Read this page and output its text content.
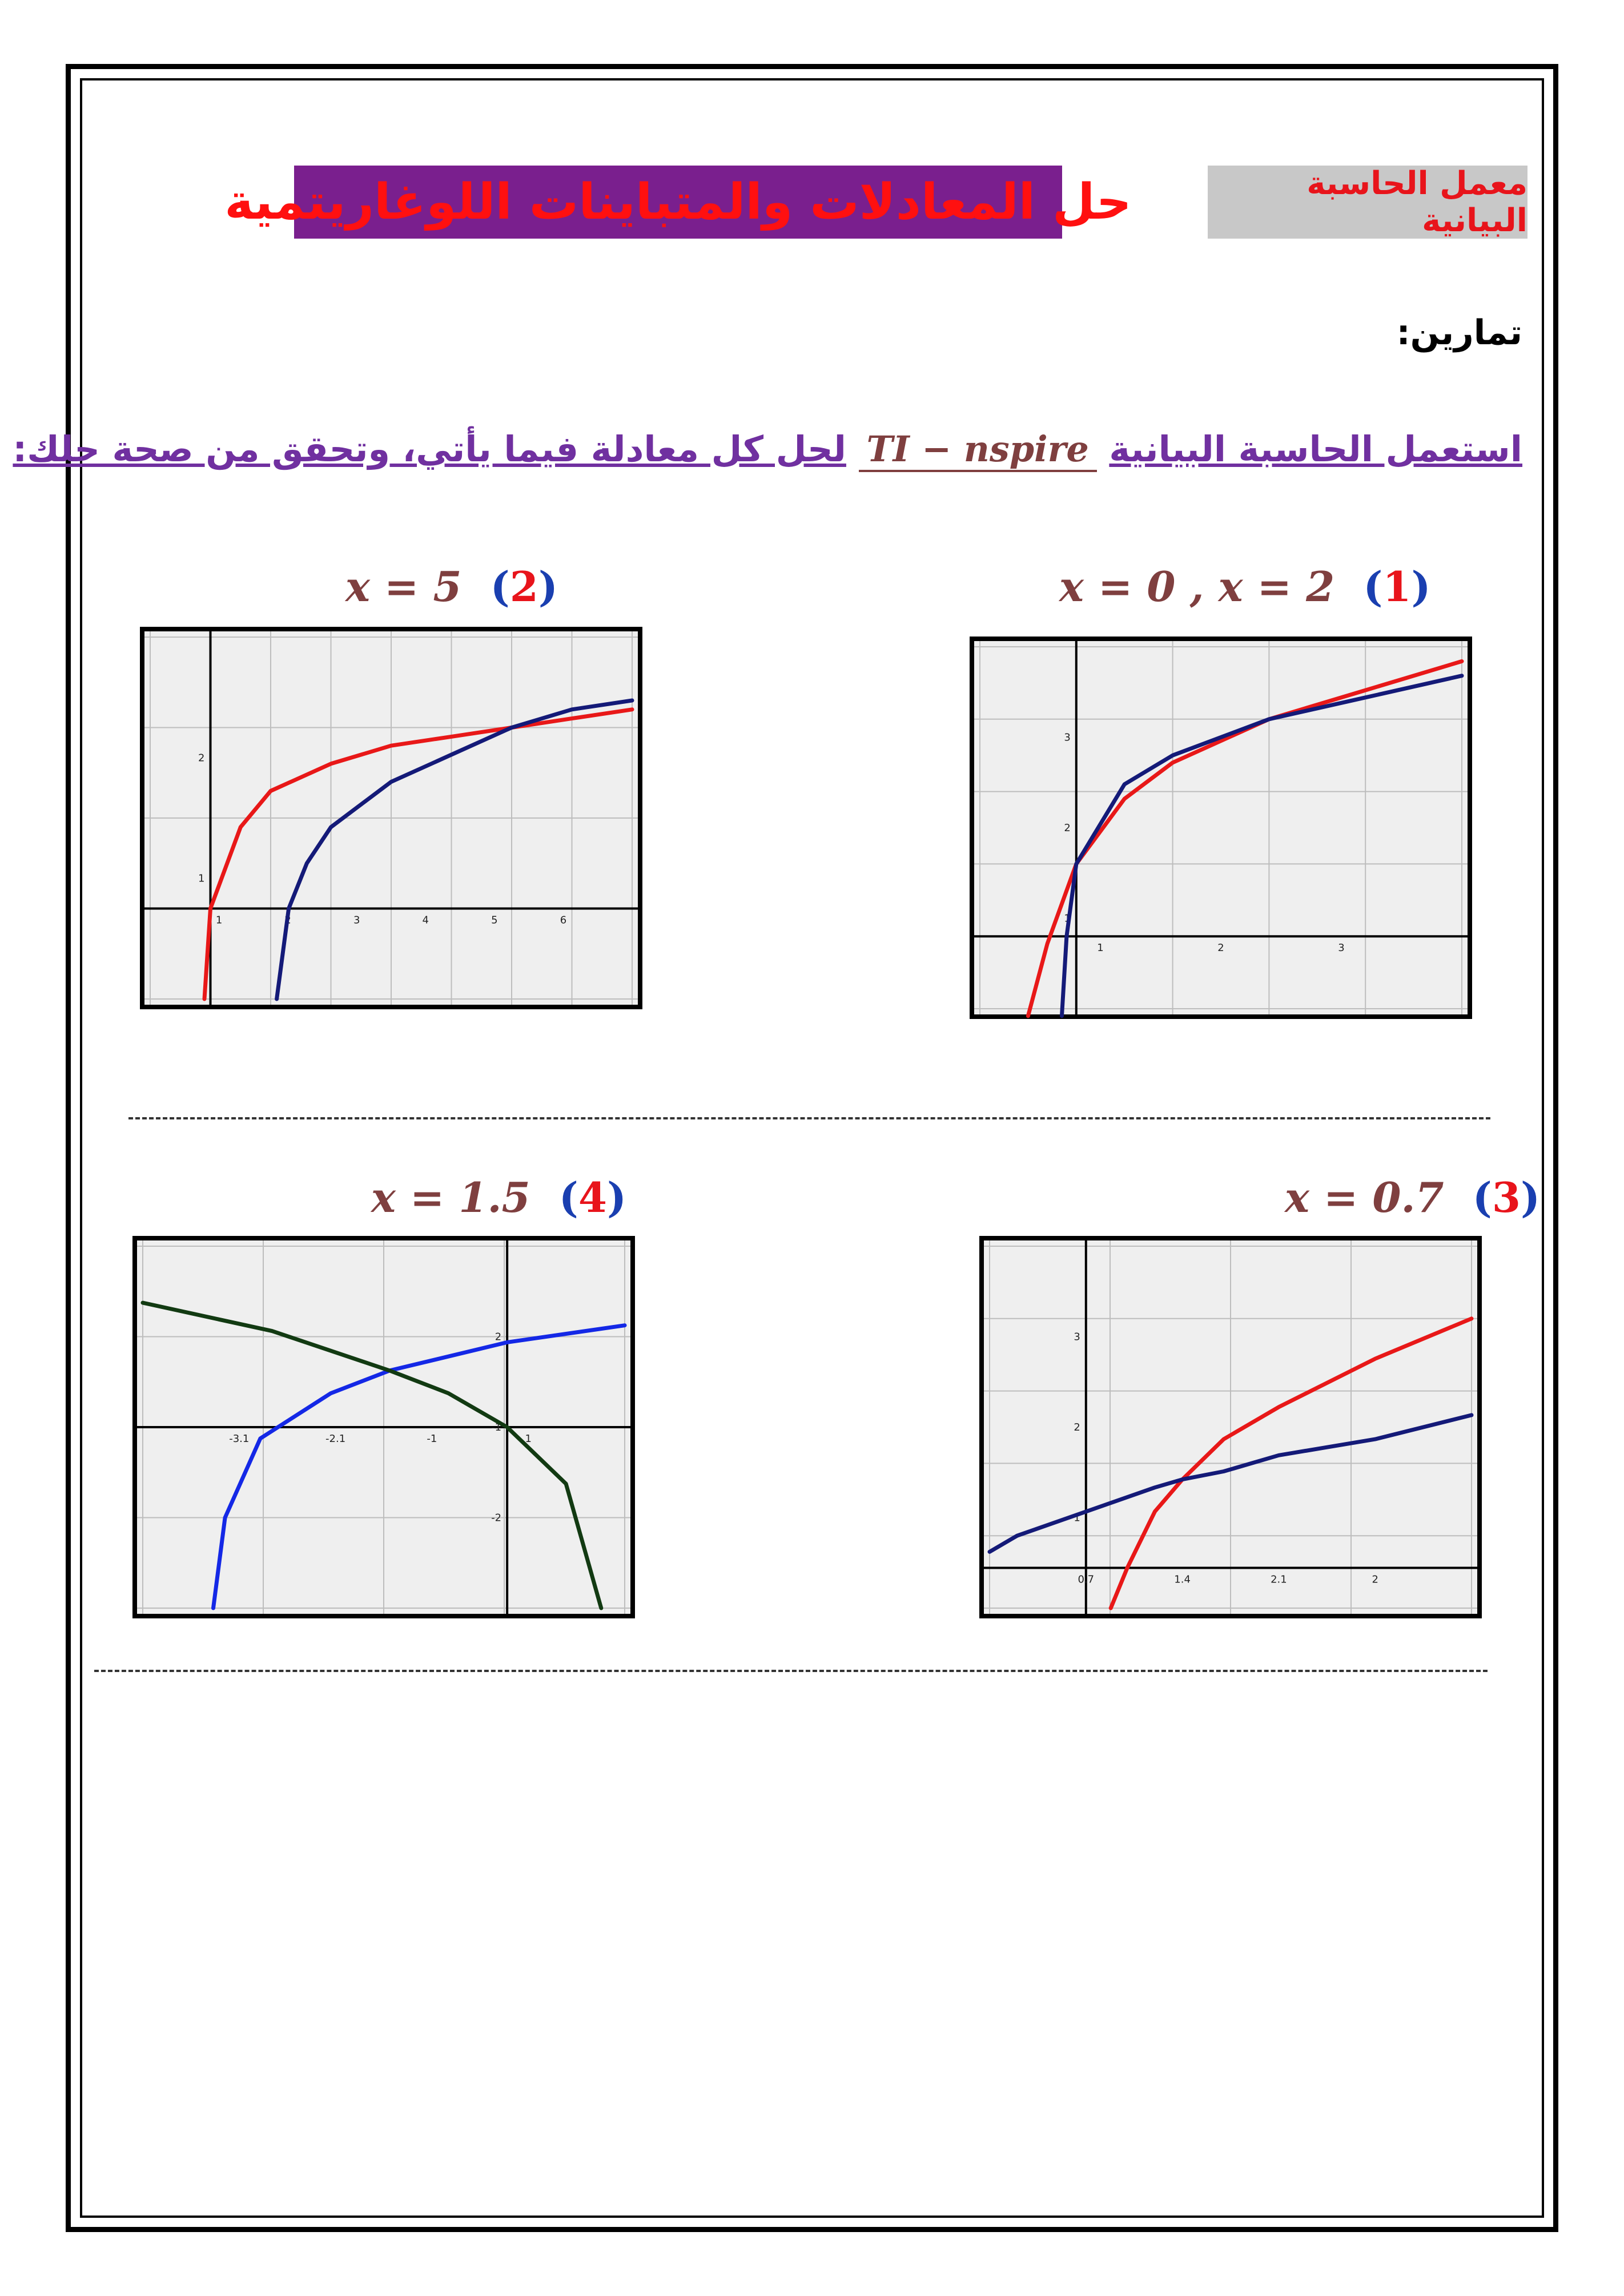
معمل الحاسبة البيانية
حل المعادلات والمتباينات اللوغاريتمية
تمارين:
استعمل الحاسبة البيانية TI − nspire لحل كل معادلة فيما يأتي، وتحقق من صحة حلك:
x = 0 , x = 2 (1)
x = 5 (2)
x = 0.7 (3)
x = 1.5 (4)
1	2	3
1
2
3
1	2	3	4	5	6
1
2
0.7	1.4	2.1	2
1
2
3
-3.1	-2.1	-1	1
-2
-1
2
